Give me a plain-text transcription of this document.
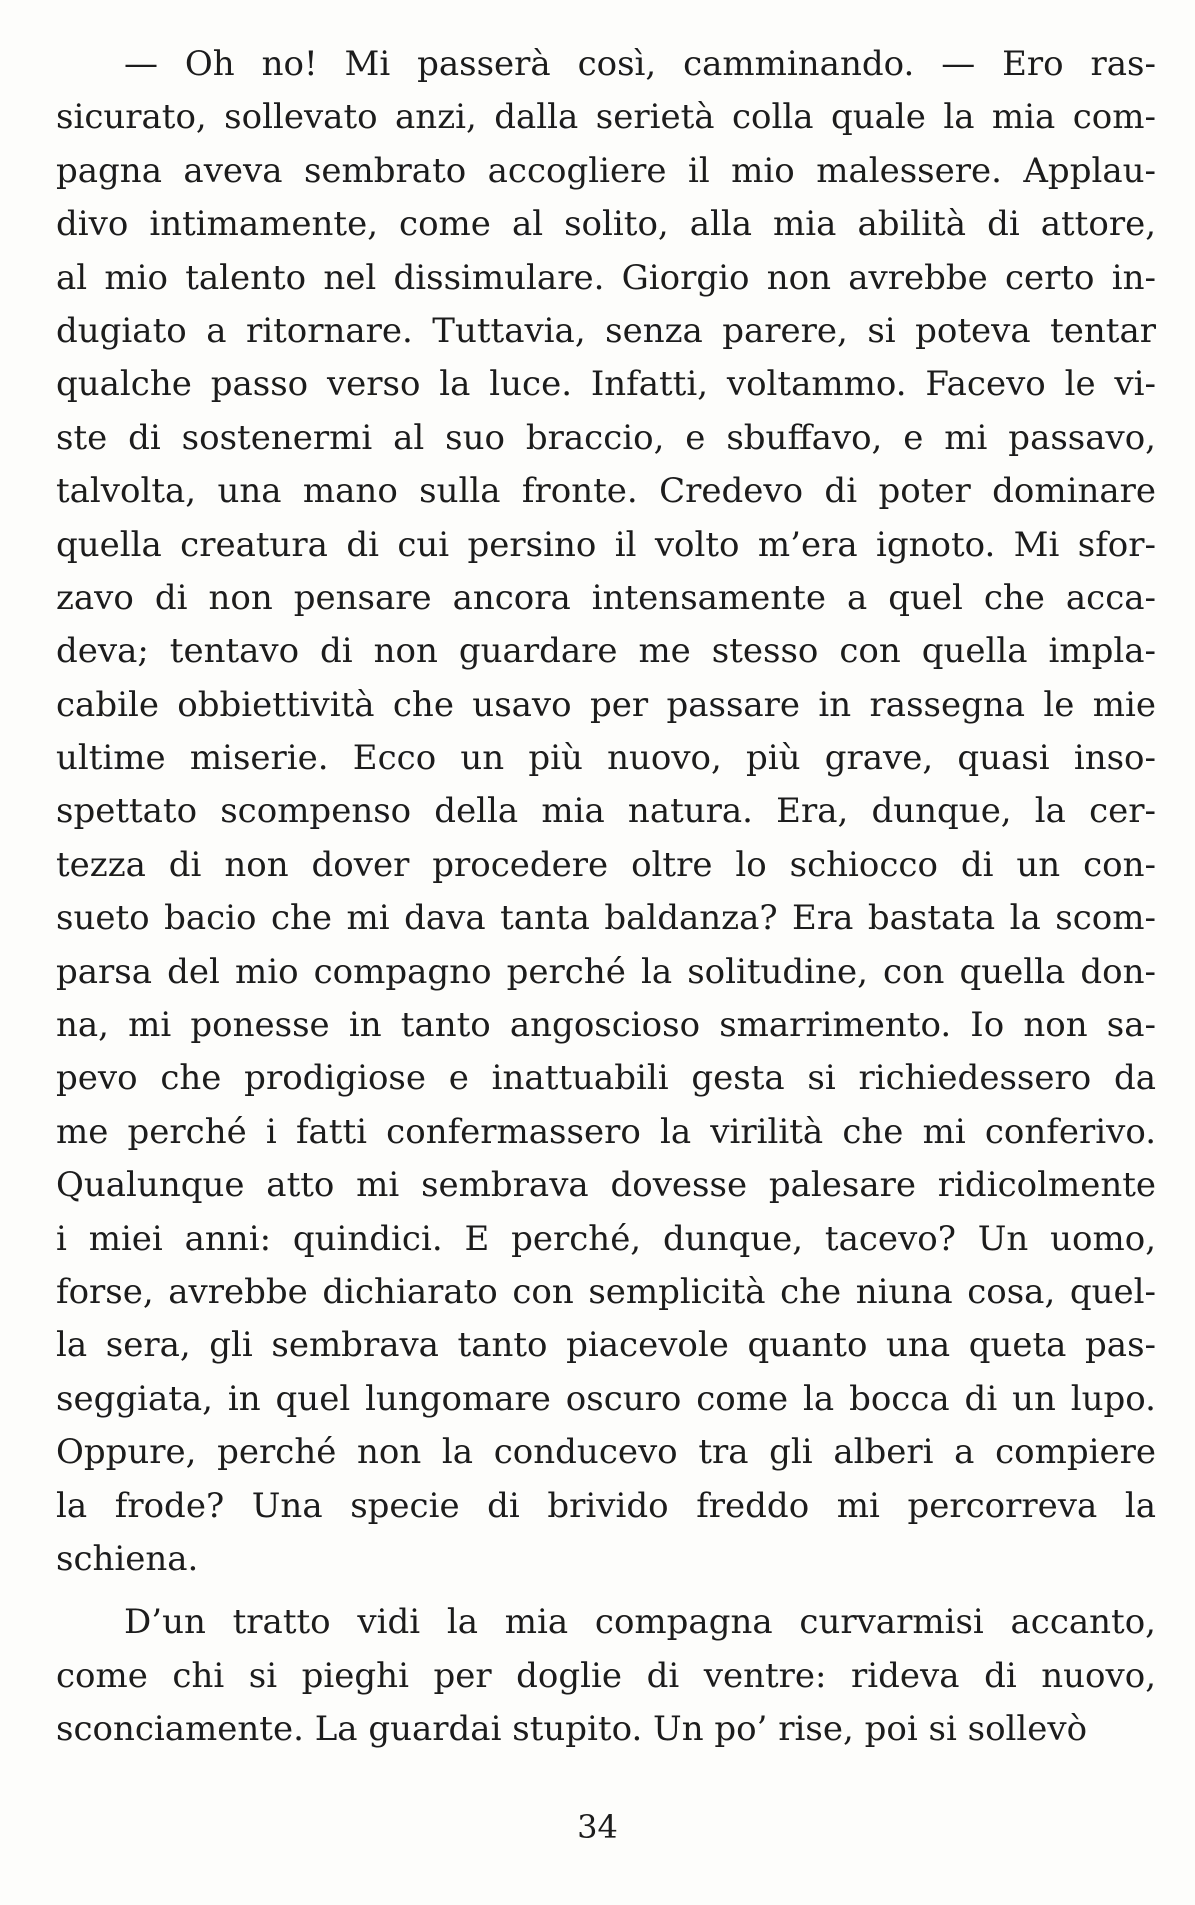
— Oh no! Mi passerà così, camminando. — Ero ras-
sicurato, sollevato anzi, dalla serietà colla quale la mia com-
pagna aveva sembrato accogliere il mio malessere. Applau-
divo intimamente, come al solito, alla mia abilità di attore,
al mio talento nel dissimulare. Giorgio non avrebbe certo in-
dugiato a ritornare. Tuttavia, senza parere, si poteva tentar
qualche passo verso la luce. Infatti, voltammo. Facevo le vi-
ste di sostenermi al suo braccio, e sbuffavo, e mi passavo,
talvolta, una mano sulla fronte. Credevo di poter dominare
quella creatura di cui persino il volto m’era ignoto. Mi sfor-
zavo di non pensare ancora intensamente a quel che acca-
deva; tentavo di non guardare me stesso con quella impla-
cabile obbiettività che usavo per passare in rassegna le mie
ultime miserie. Ecco un più nuovo, più grave, quasi inso-
spettato scompenso della mia natura. Era, dunque, la cer-
tezza di non dover procedere oltre lo schiocco di un con-
sueto bacio che mi dava tanta baldanza? Era bastata la scom-
parsa del mio compagno perché la solitudine, con quella don-
na, mi ponesse in tanto angoscioso smarrimento. Io non sa-
pevo che prodigiose e inattuabili gesta si richiedessero da
me perché i fatti confermassero la virilità che mi conferivo.
Qualunque atto mi sembrava dovesse palesare ridicolmente
i miei anni: quindici. E perché, dunque, tacevo? Un uomo,
forse, avrebbe dichiarato con semplicità che niuna cosa, quel-
la sera, gli sembrava tanto piacevole quanto una queta pas-
seggiata, in quel lungomare oscuro come la bocca di un lupo.
Oppure, perché non la conducevo tra gli alberi a compiere
la frode? Una specie di brivido freddo mi percorreva la
schiena.
D’un tratto vidi la mia compagna curvarmisi accanto,
come chi si pieghi per doglie di ventre: rideva di nuovo,
sconciamente. La guardai stupito. Un po’ rise, poi si sollevò
34
